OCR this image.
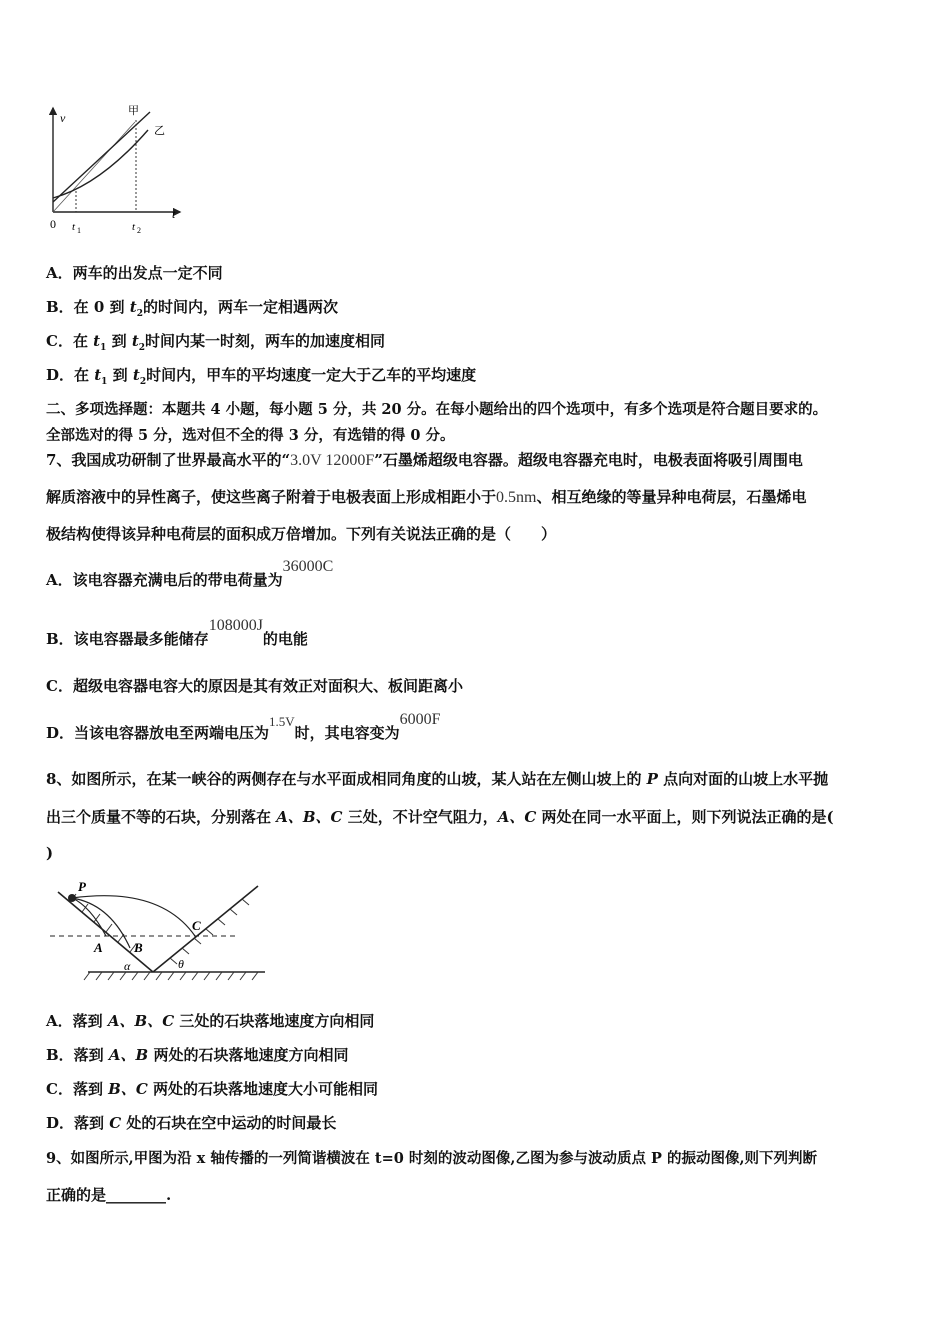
v
t
0 t 1	t 2
甲
乙
A．两车的出发点一定不同
B．在 0 到 $t_2$的时间内，两车一定相遇两次
C．在 $t_1$ 到 $t_2$时间内某一时刻，两车的加速度相同
D．在 $t_1$ 到 $t_2$时间内，甲车的平均速度一定大于乙车的平均速度
二、多项选择题：本题共 4 小题，每小题 5 分，共 20 分。在每小题给出的四个选项中，有多个选项是符合题目要求的。
全部选对的得 5 分，选对但不全的得 3 分，有选错的得 0 分。
7、我国成功研制了世界最高水平的“3.0V 12000F”石墨烯超级电容器。超级电容器充电时，电极表面将吸引周围电
解质溶液中的异性离子，使这些离子附着于电极表面上形成相距小于0.5nm、相互绝缘的等量异种电荷层，石墨烯电
极结构使得该异种电荷层的面积成万倍增加。下列有关说法正确的是（　　）
A．该电容器充满电后的带电荷量为36000C
B．该电容器最多能储存108000J的电能
C．超级电容器电容大的原因是其有效正对面积大、板间距离小
D．当该电容器放电至两端电压为1.5V时，其电容变为6000F
8、如图所示，在某一峡谷的两侧存在与水平面成相同角度的山坡，某人站在左侧山坡上的 P 点向对面的山坡上水平抛
出三个质量不等的石块，分别落在 A、B、C 三处，不计空气阻力，A、C 两处在同一水平面上，则下列说法正确的是(
)
P
A B
C
α	θ
A．落到 A、B、C 三处的石块落地速度方向相同
B．落到 A、B 两处的石块落地速度方向相同
C．落到 B、C 两处的石块落地速度大小可能相同
D．落到 C 处的石块在空中运动的时间最长
9、如图所示,甲图为沿 x 轴传播的一列简谐横波在 t=0 时刻的波动图像,乙图为参与波动质点 P 的振动图像,则下列判断
正确的是________.
